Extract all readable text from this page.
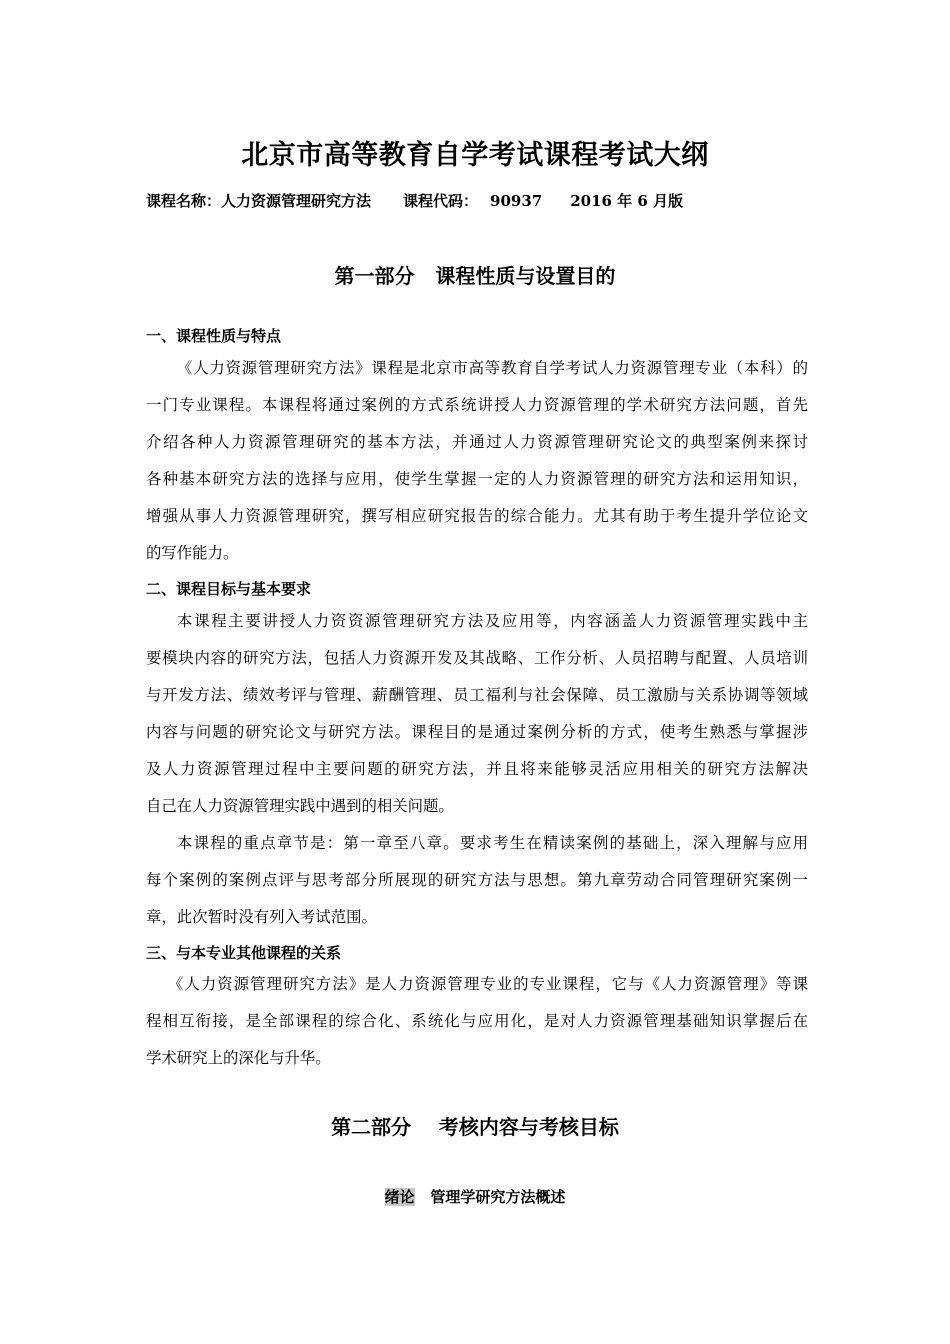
北京市高等教育自学考试课程考试大纲
课程名称：人力资源管理研究方法 课程代码： 90937 2016 年 6 月版
第一部分   课程性质与设置目的
一、课程性质与特点
《人力资源管理研究方法》课程是北京市高等教育自学考试人力资源管理专业（本科）的
一门专业课程。本课程将通过案例的方式系统讲授人力资源管理的学术研究方法问题，首先
介绍各种人力资源管理研究的基本方法，并通过人力资源管理研究论文的典型案例来探讨
各种基本研究方法的选择与应用，使学生掌握一定的人力资源管理的研究方法和运用知识，
增强从事人力资源管理研究，撰写相应研究报告的综合能力。尤其有助于考生提升学位论文
的写作能力。
二、课程目标与基本要求
本课程主要讲授人力资资源管理研究方法及应用等，内容涵盖人力资源管理实践中主
要模块内容的研究方法，包括人力资源开发及其战略、工作分析、人员招聘与配置、人员培训
与开发方法、绩效考评与管理、薪酬管理、员工福利与社会保障、员工激励与关系协调等领域
内容与问题的研究论文与研究方法。课程目的是通过案例分析的方式，使考生熟悉与掌握涉
及人力资源管理过程中主要问题的研究方法，并且将来能够灵活应用相关的研究方法解决
自己在人力资源管理实践中遇到的相关问题。
本课程的重点章节是：第一章至八章。要求考生在精读案例的基础上，深入理解与应用
每个案例的案例点评与思考部分所展现的研究方法与思想。第九章劳动合同管理研究案例一
章，此次暂时没有列入考试范围。
三、与本专业其他课程的关系
《人力资源管理研究方法》是人力资源管理专业的专业课程，它与《人力资源管理》等课
程相互衔接，是全部课程的综合化、系统化与应用化，是对人力资源管理基础知识掌握后在
学术研究上的深化与升华。
第二部分    考核内容与考核目标
绪论 管理学研究方法概述
